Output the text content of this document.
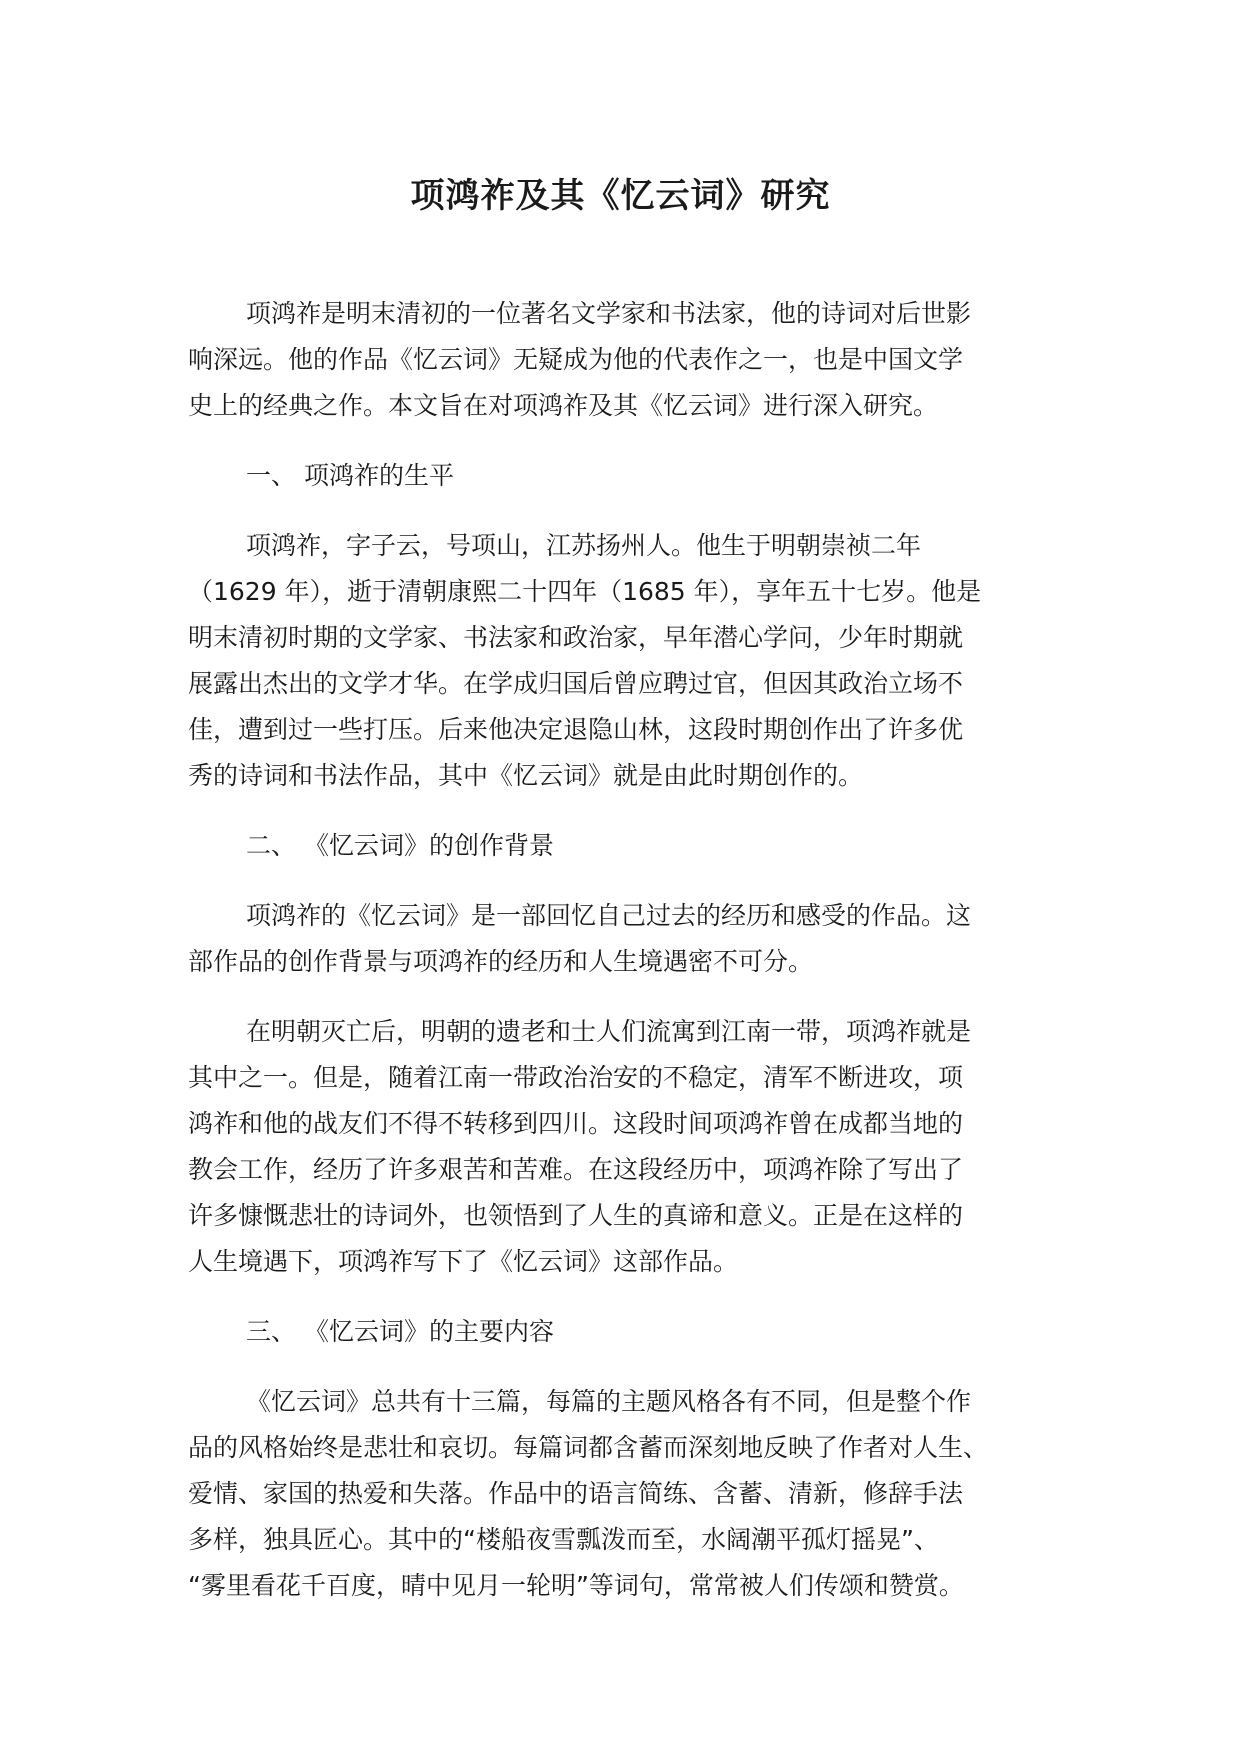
项鸿祚及其《忆云词》研究

项鸿祚是明末清初的一位著名文学家和书法家，他的诗词对后世影
响深远。他的作品《忆云词》无疑成为他的代表作之一，也是中国文学
史上的经典之作。本文旨在对项鸿祚及其《忆云词》进行深入研究。

一、 项鸿祚的生平

项鸿祚，字子云，号项山，江苏扬州人。他生于明朝崇祯二年
（1629 年），逝于清朝康熙二十四年（1685 年），享年五十七岁。他是
明末清初时期的文学家、书法家和政治家，早年潜心学问，少年时期就
展露出杰出的文学才华。在学成归国后曾应聘过官，但因其政治立场不
佳，遭到过一些打压。后来他决定退隐山林，这段时期创作出了许多优
秀的诗词和书法作品，其中《忆云词》就是由此时期创作的。

二、 《忆云词》的创作背景

项鸿祚的《忆云词》是一部回忆自己过去的经历和感受的作品。这
部作品的创作背景与项鸿祚的经历和人生境遇密不可分。

在明朝灭亡后，明朝的遗老和士人们流寓到江南一带，项鸿祚就是
其中之一。但是，随着江南一带政治治安的不稳定，清军不断进攻，项
鸿祚和他的战友们不得不转移到四川。这段时间项鸿祚曾在成都当地的
教会工作，经历了许多艰苦和苦难。在这段经历中，项鸿祚除了写出了
许多慷慨悲壮的诗词外，也领悟到了人生的真谛和意义。正是在这样的
人生境遇下，项鸿祚写下了《忆云词》这部作品。

三、 《忆云词》的主要内容

《忆云词》总共有十三篇，每篇的主题风格各有不同，但是整个作
品的风格始终是悲壮和哀切。每篇词都含蓄而深刻地反映了作者对人生、
爱情、家国的热爱和失落。作品中的语言简练、含蓄、清新，修辞手法
多样，独具匠心。其中的“楼船夜雪瓢泼而至，水阔潮平孤灯摇晃”、
“雾里看花千百度，晴中见月一轮明”等词句，常常被人们传颂和赞赏。
